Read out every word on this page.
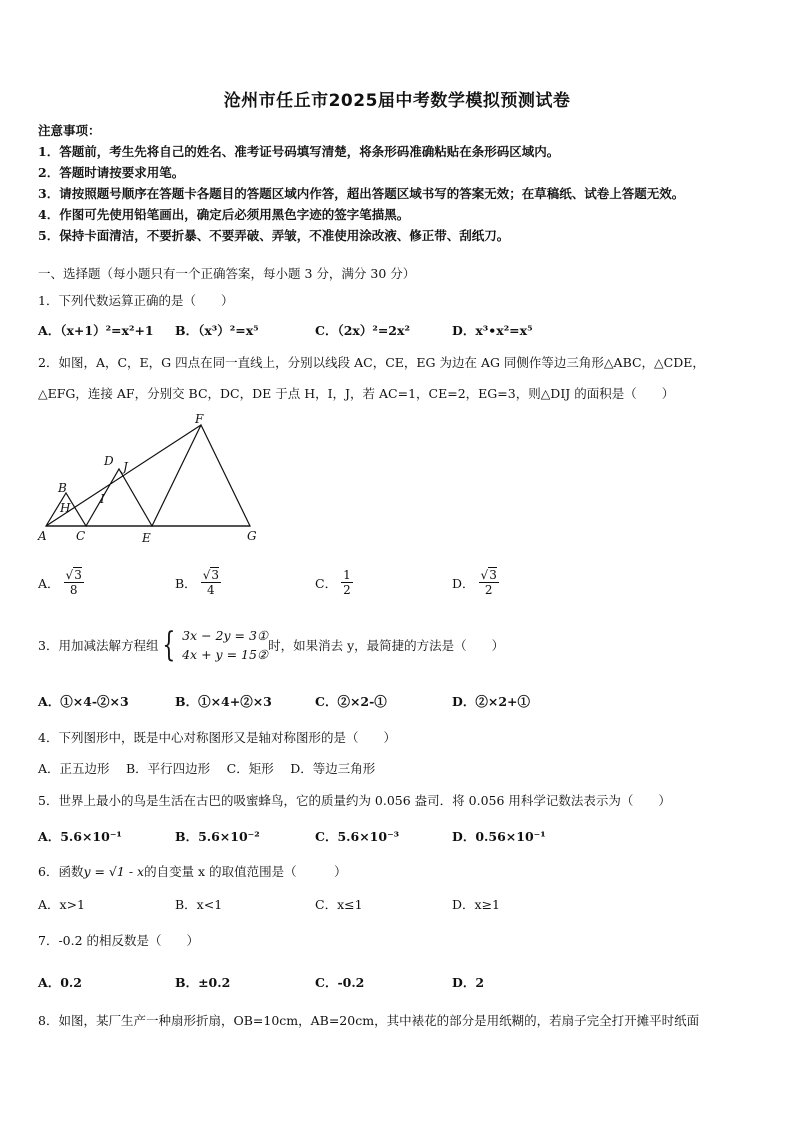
沧州市任丘市2025届中考数学模拟预测试卷
注意事项：
1．答题前，考生先将自己的姓名、准考证号码填写清楚，将条形码准确粘贴在条形码区域内。
2．答题时请按要求用笔。
3．请按照题号顺序在答题卡各题目的答题区域内作答，超出答题区域书写的答案无效；在草稿纸、试卷上答题无效。
4．作图可先使用铅笔画出，确定后必须用黑色字迹的签字笔描黑。
5．保持卡面清洁，不要折暴、不要弄破、弄皱，不准使用涂改液、修正带、刮纸刀。
一、选择题（每小题只有一个正确答案，每小题 3 分，满分 30 分）
1．下列代数运算正确的是（　　）
A．（x+1）²=x²+1 B．（x³）²=x⁵	C．（2x）²=2x²	D．x³•x²=x⁵
2．如图，A，C，E，G 四点在同一直线上，分别以线段 AC，CE，EG 为边在 AG 同侧作等边三角形△ABC，△CDE，
△EFG，连接 AF，分别交 BC，DC，DE 于点 H，I，J，若 AC=1，CE=2，EG=3，则△DIJ 的面积是（　　）
A
B
H
C
I
D J
E
F
G
A． $\frac{√3}{8}$	B． $\frac{√3}{4}$	C． $\frac{1}{2}$	D． $\frac{√3}{2}$
3．用加减法解方程组 { 3x − 2y = 3①
4x + y = 15②
时，如果消去 y，最简捷的方法是（　　）
A．①×4-②×3	B．①×4+②×3	C．②×2-①	D．②×2+①
4．下列图形中，既是中心对称图形又是轴对称图形的是（　　）
A．正五边形　 B．平行四边形　 C．矩形　 D．等边三角形
5．世界上最小的鸟是生活在古巴的吸蜜蜂鸟，它的质量约为 0.056 盎司．将 0.056 用科学记数法表示为（　　）
A．5.6×10⁻¹	B．5.6×10⁻²	C．5.6×10⁻³	D．0.56×10⁻¹
6．函数y = √1 - x的自变量 x 的取值范围是（　　　）
A．x>1	B．x<1	C．x≤1	D．x≥1
7．-0.2 的相反数是（　　）
A．0.2	B．±0.2	C．-0.2	D．2
8．如图，某厂生产一种扇形折扇，OB=10cm，AB=20cm，其中裱花的部分是用纸糊的，若扇子完全打开摊平时纸面
